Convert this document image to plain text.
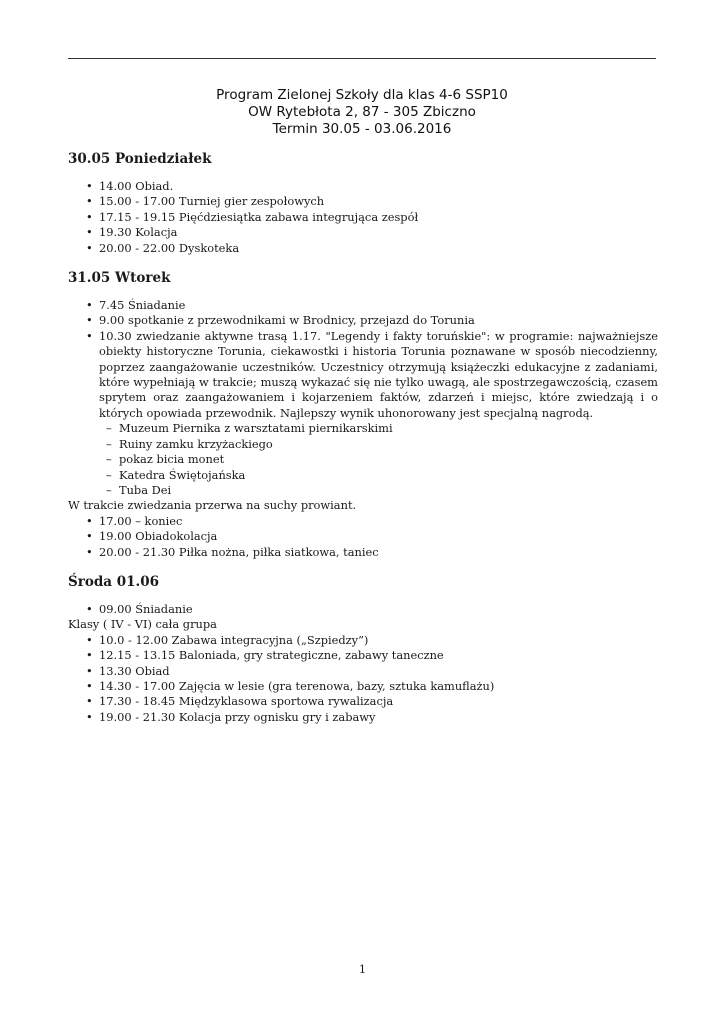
Program Zielonej Szkoły dla klas 4-6 SSP10
OW Rytebłota 2, 87 - 305 Zbiczno
Termin 30.05 - 03.06.2016
30.05 Poniedziałek
• 14.00 Obiad.
• 15.00 - 17.00 Turniej gier zespołowych
• 17.15 - 19.15 Pięćdziesiątka zabawa integrująca zespół
• 19.30 Kolacja
• 20.00 - 22.00 Dyskoteka
31.05 Wtorek
• 7.45 Śniadanie
• 9.00 spotkanie z przewodnikami w Brodnicy, przejazd do Torunia
• 10.30 zwiedzanie aktywne trasą 1.17. "Legendy i fakty toruńskie": w programie: najważniejsze obiekty historyczne Torunia, ciekawostki i historia Torunia poznawane w sposób niecodzienny, poprzez zaangażowanie uczestników. Uczestnicy otrzymują książeczki edukacyjne z zadaniami, które wypełniają w trakcie; muszą wykazać się nie tylko uwagą, ale spostrzegawczością, czasem sprytem oraz zaangażowaniem i kojarzeniem faktów, zdarzeń i miejsc, które zwiedzają i o których opowiada przewodnik. Najlepszy wynik uhonorowany jest specjalną nagrodą.
– Muzeum Piernika z warsztatami piernikarskimi
– Ruiny zamku krzyżackiego
– pokaz bicia monet
– Katedra Świętojańska
– Tuba Dei

W trakcie zwiedzania przerwa na suchy prowiant.

• 17.00 – koniec
• 19.00 Obiadokolacja
• 20.00 - 21.30 Piłka nożna, piłka siatkowa, taniec
Środa 01.06
• 09.00 Śniadanie

Klasy ( IV - VI) cała grupa

• 10.0 - 12.00 Zabawa integracyjna („Szpiedzy”)
• 12.15 - 13.15 Baloniada, gry strategiczne, zabawy taneczne
• 13.30 Obiad
• 14.30 - 17.00 Zajęcia w lesie (gra terenowa, bazy, sztuka kamuflażu)
• 17.30 - 18.45 Międzyklasowa sportowa rywalizacja
• 19.00 - 21.30 Kolacja przy ognisku gry i zabawy
1
